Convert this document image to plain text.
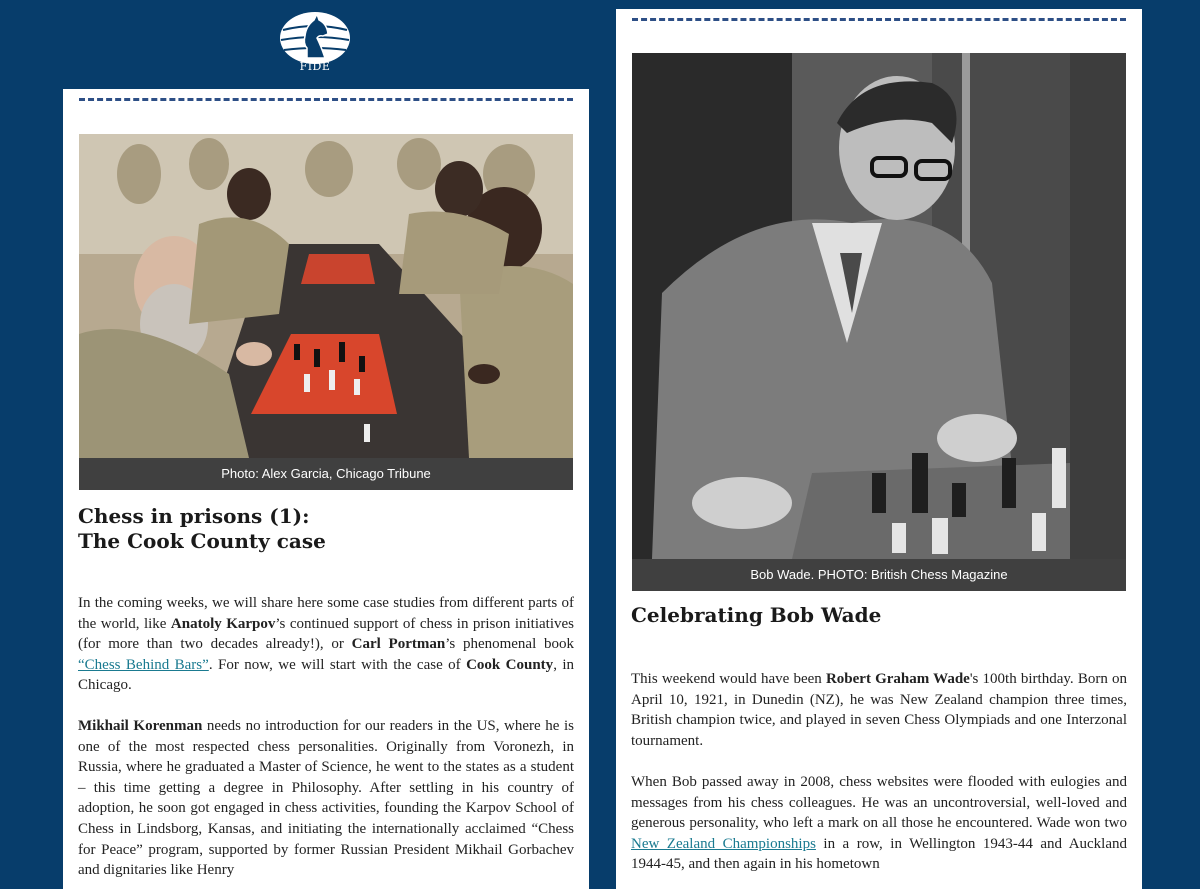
FIDE
Photo: Alex Garcia, Chicago Tribune
Chess in prisons (1):
The Cook County case

In the coming weeks, we will share here some case studies from different parts of the world, like Anatoly Karpov’s continued support of chess in prison initiatives (for more than two decades already!), or Carl Portman’s phenomenal book “Chess Behind Bars”. For now, we will start with the case of Cook County, in Chicago.

Mikhail Korenman needs no introduction for our readers in the US, where he is one of the most respected chess personalities. Originally from Voronezh, in Russia, where he graduated a Master of Science, he went to the states as a student – this time getting a degree in Philosophy. After settling in his country of adoption, he soon got engaged in chess activities, founding the Karpov School of Chess in Lindsborg, Kansas, and initiating the internationally acclaimed “Chess for Peace” program, supported by former Russian President Mikhail Gorbachev and dignitaries like Henry

Bob Wade. PHOTO: British Chess Magazine
Celebrating Bob Wade

This weekend would have been Robert Graham Wade's 100th birthday. Born on April 10, 1921, in Dunedin (NZ), he was New Zealand champion three times, British champion twice, and played in seven Chess Olympiads and one Interzonal tournament.

When Bob passed away in 2008, chess websites were flooded with eulogies and messages from his chess colleagues. He was an uncontroversial, well-loved and generous personality, who left a mark on all those he encountered. Wade won two New Zealand Championships in a row, in Wellington 1943-44 and Auckland 1944-45, and then again in his hometown
